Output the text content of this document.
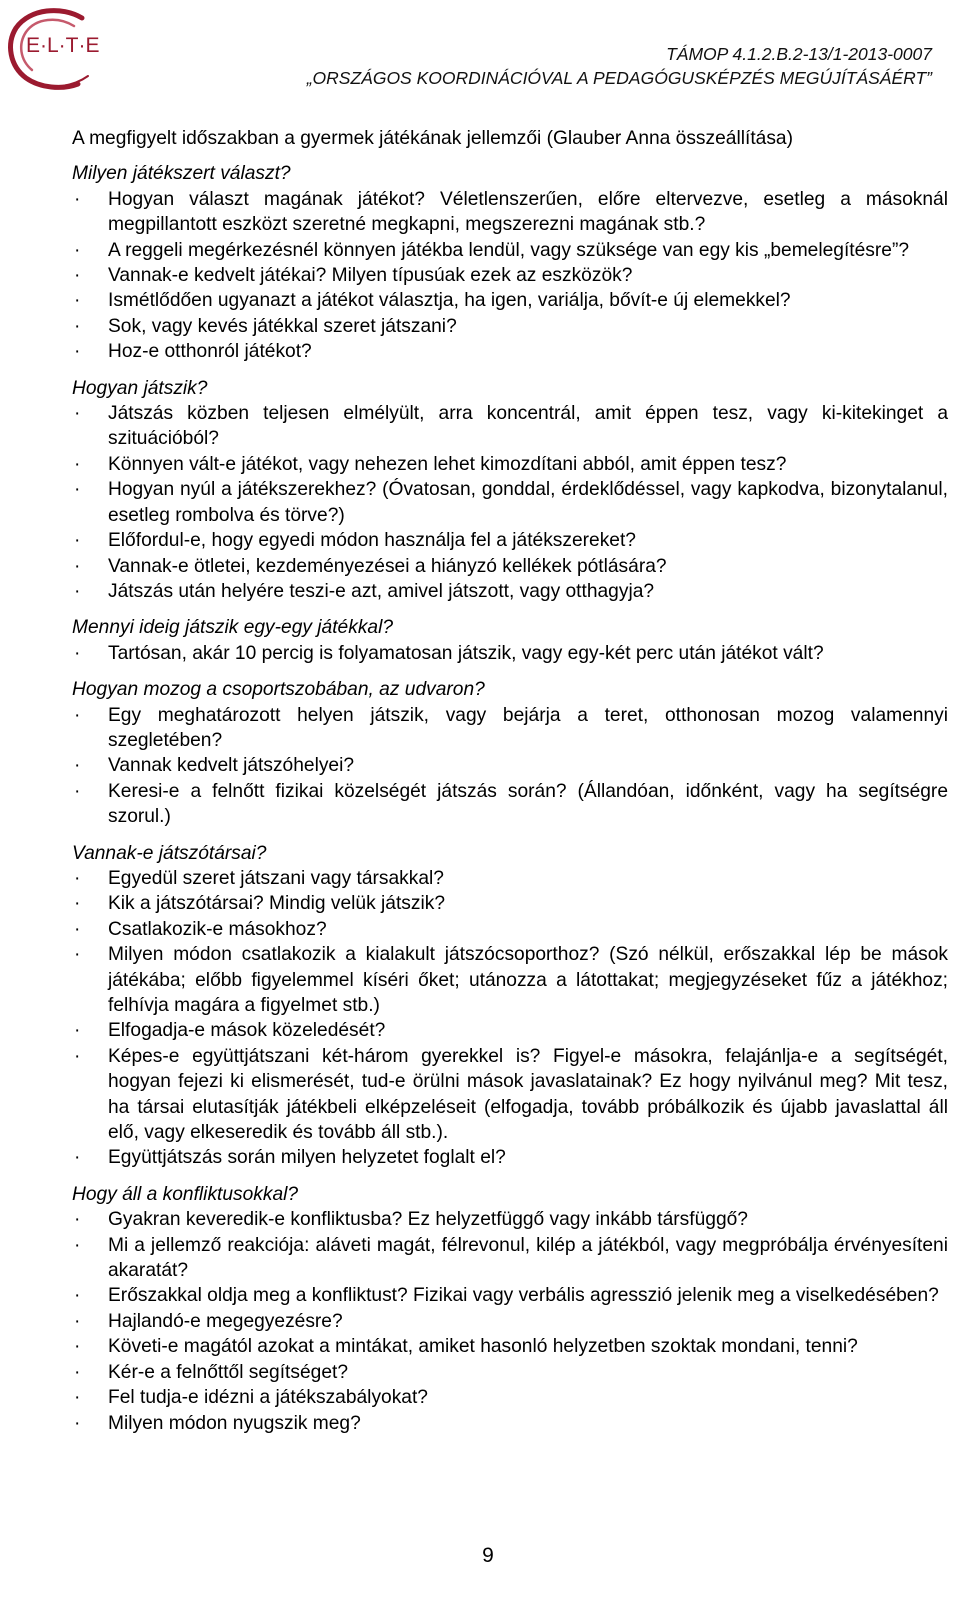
E·L·T·E	TÁMOP 4.1.2.B.2-13/1-2013-0007
„ORSZÁGOS KOORDINÁCIÓVAL A PEDAGÓGUSKÉPZÉS MEGÚJÍTÁSÁÉRT”
A megfigyelt időszakban a gyermek játékának jellemzői (Glauber Anna összeállítása)
Milyen játékszert választ?
· Hogyan választ magának játékot? Véletlenszerűen, előre eltervezve, esetleg a másoknál megpillantott eszközt szeretné megkapni, megszerezni magának stb.?
· A reggeli megérkezésnél könnyen játékba lendül, vagy szüksége van egy kis „bemelegítésre”?
· Vannak-e kedvelt játékai? Milyen típusúak ezek az eszközök?
· Ismétlődően ugyanazt a játékot választja, ha igen, variálja, bővít-e új elemekkel?
· Sok, vagy kevés játékkal szeret játszani?
· Hoz-e otthonról játékot?
Hogyan játszik?
· Játszás közben teljesen elmélyült, arra koncentrál, amit éppen tesz, vagy ki-kitekinget a szituációból?
· Könnyen vált-e játékot, vagy nehezen lehet kimozdítani abból, amit éppen tesz?
· Hogyan nyúl a játékszerekhez? (Óvatosan, gonddal, érdeklődéssel, vagy kapkodva, bizonytalanul, esetleg rombolva és törve?)
· Előfordul-e, hogy egyedi módon használja fel a játékszereket?
· Vannak-e ötletei, kezdeményezései a hiányzó kellékek pótlására?
· Játszás után helyére teszi-e azt, amivel játszott, vagy otthagyja?
Mennyi ideig játszik egy-egy játékkal?
· Tartósan, akár 10 percig is folyamatosan játszik, vagy egy-két perc után játékot vált?
Hogyan mozog a csoportszobában, az udvaron?
· Egy meghatározott helyen játszik, vagy bejárja a teret, otthonosan mozog valamennyi szegletében?
· Vannak kedvelt játszóhelyei?
· Keresi-e a felnőtt fizikai közelségét játszás során? (Állandóan, időnként, vagy ha segítségre szorul.)
Vannak-e játszótársai?
· Egyedül szeret játszani vagy társakkal?
· Kik a játszótársai? Mindig velük játszik?
· Csatlakozik-e másokhoz?
· Milyen módon csatlakozik a kialakult játszócsoporthoz? (Szó nélkül, erőszakkal lép be mások játékába; előbb figyelemmel kíséri őket; utánozza a látottakat; megjegyzéseket fűz a játékhoz; felhívja magára a figyelmet stb.)
· Elfogadja-e mások közeledését?
· Képes-e együttjátszani két-három gyerekkel is? Figyel-e másokra, felajánlja-e a segítségét, hogyan fejezi ki elismerését, tud-e örülni mások javaslatainak? Ez hogy nyilvánul meg? Mit tesz, ha társai elutasítják játékbeli elképzeléseit (elfogadja, tovább próbálkozik és újabb javaslattal áll elő, vagy elkeseredik és tovább áll stb.).
· Együttjátszás során milyen helyzetet foglalt el?
Hogy áll a konfliktusokkal?
· Gyakran keveredik-e konfliktusba? Ez helyzetfüggő vagy inkább társfüggő?
· Mi a jellemző reakciója: aláveti magát, félrevonul, kilép a játékból, vagy megpróbálja érvényesíteni akaratát?
· Erőszakkal oldja meg a konfliktust? Fizikai vagy verbális agresszió jelenik meg a viselkedésében?
· Hajlandó-e megegyezésre?
· Követi-e magától azokat a mintákat, amiket hasonló helyzetben szoktak mondani, tenni?
· Kér-e a felnőttől segítséget?
· Fel tudja-e idézni a játékszabályokat?
· Milyen módon nyugszik meg?
9
